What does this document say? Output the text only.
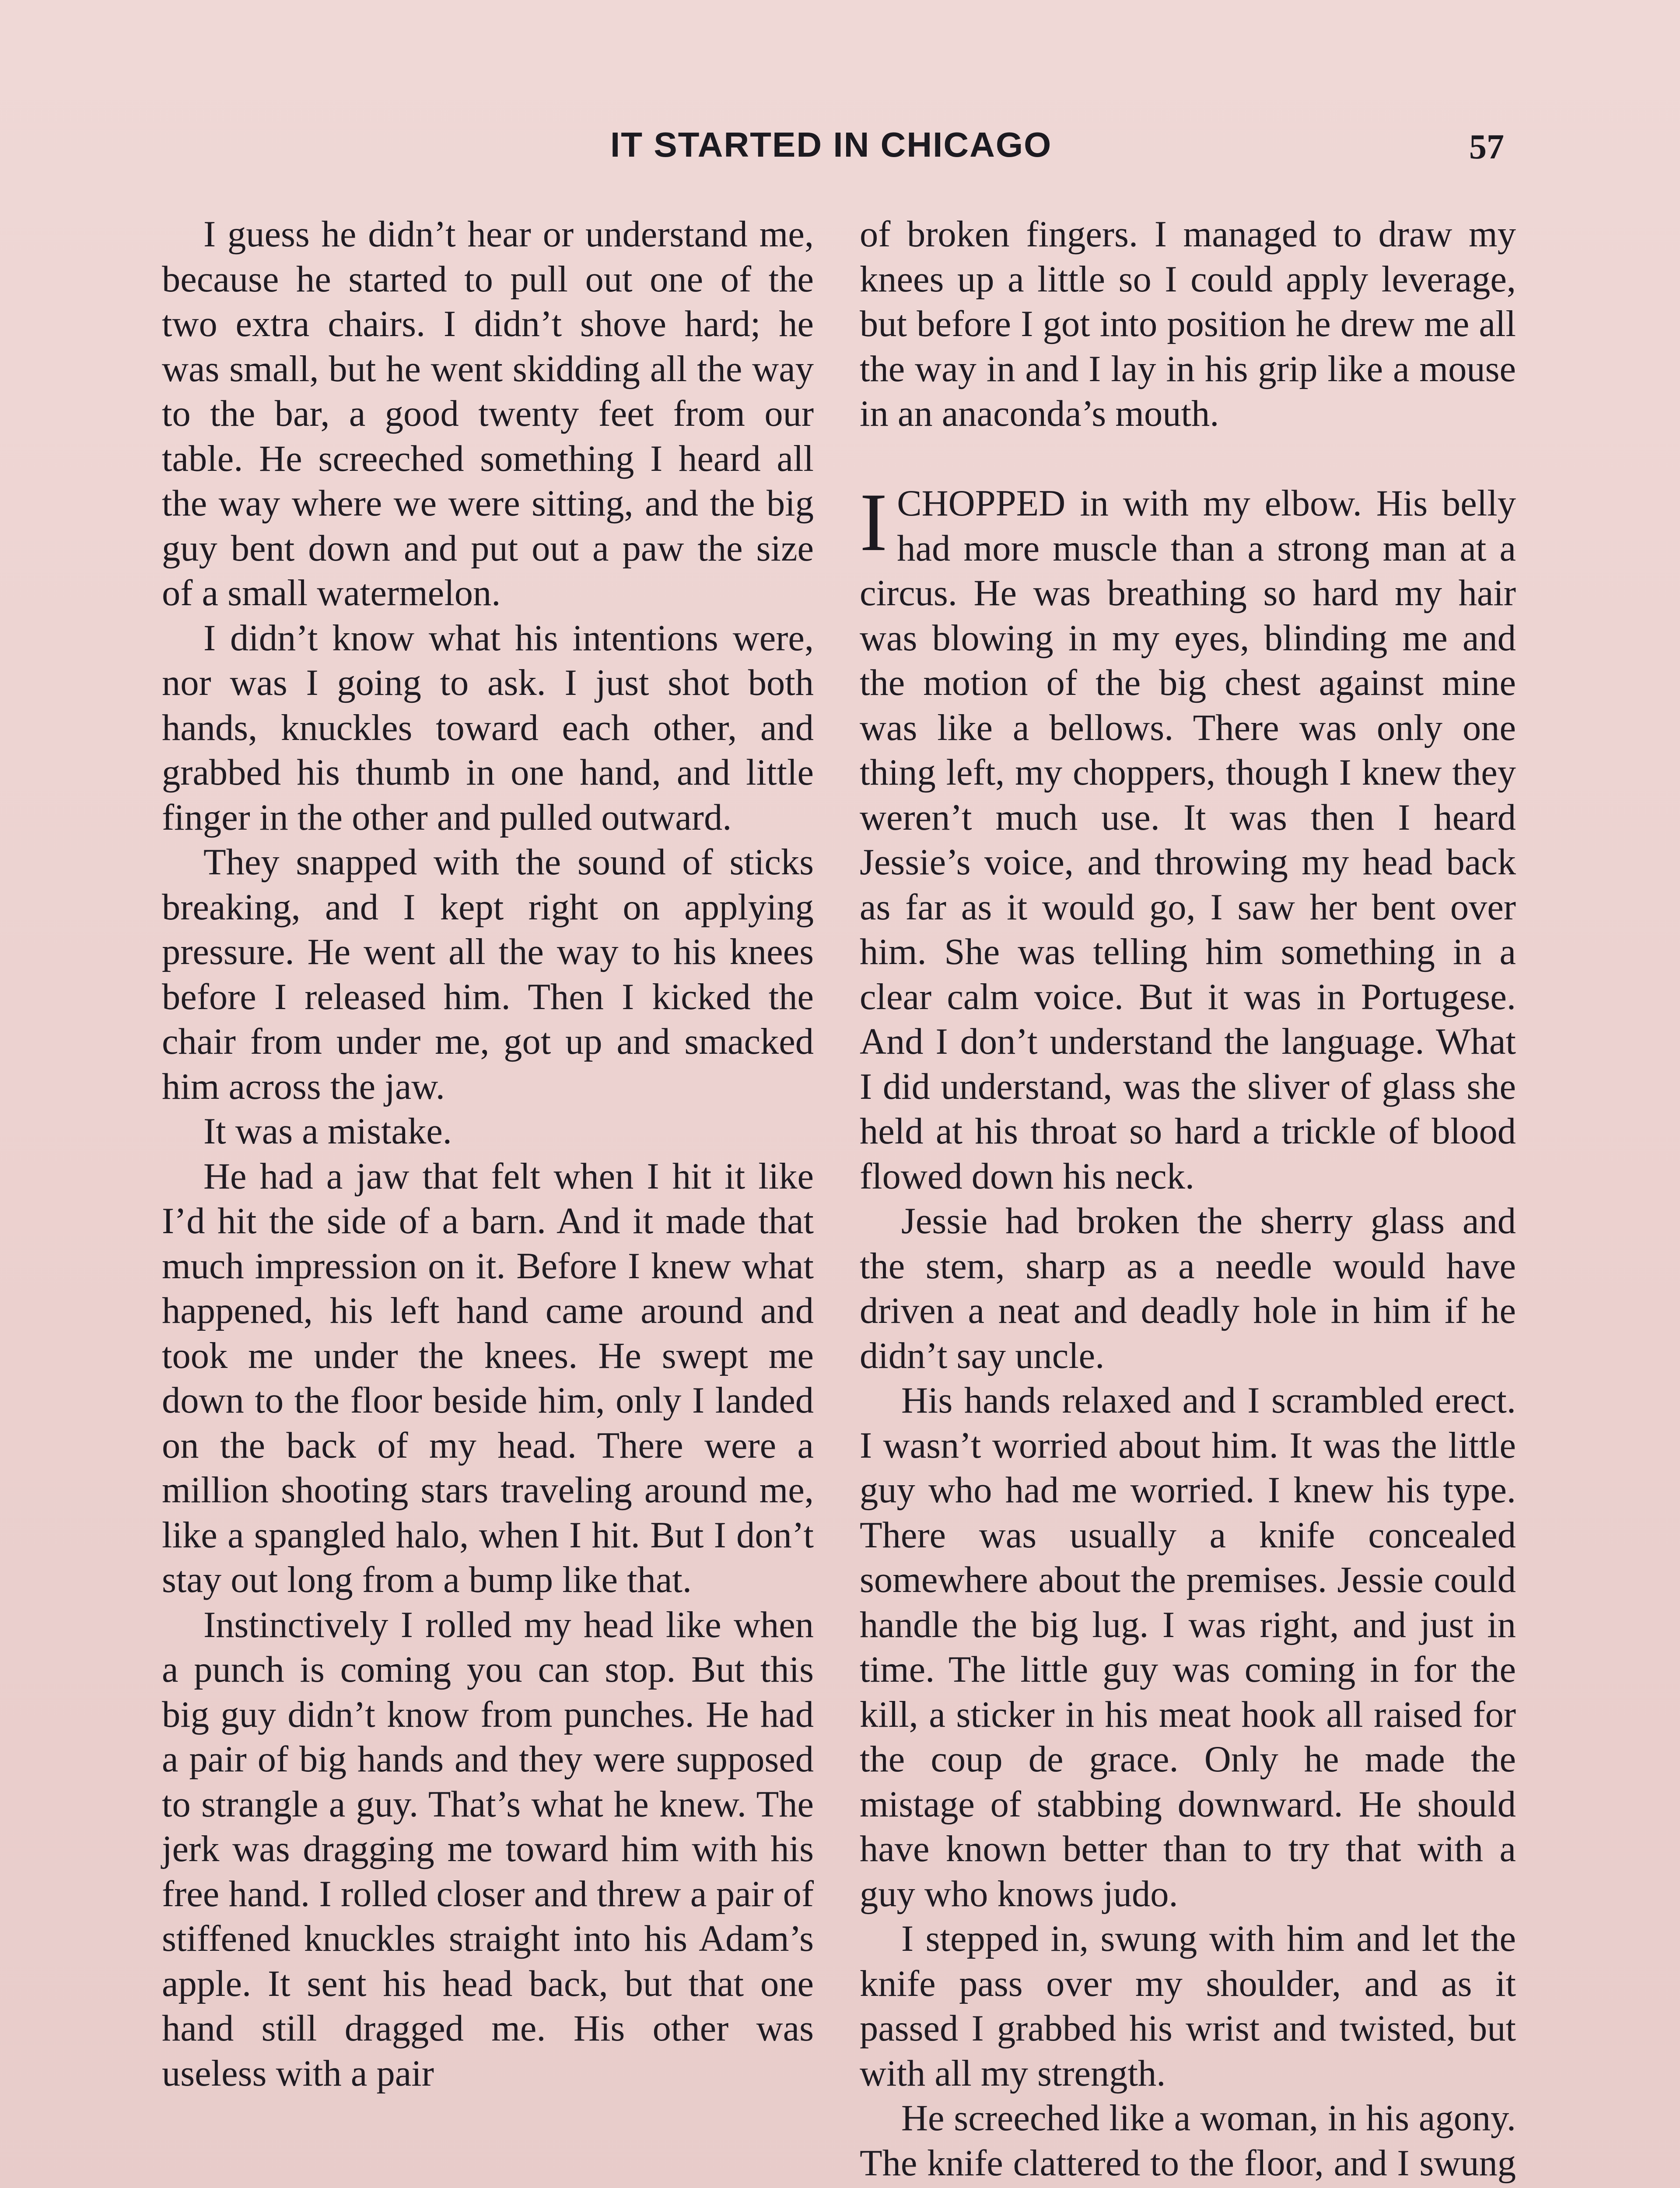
IT STARTED IN CHICAGO	57

I guess he didn’t hear or understand me, because he started to pull out one of the two extra chairs. I didn’t shove hard; he was small, but he went skidding all the way to the bar, a good twenty feet from our table. He screeched something I heard all the way where we were sitting, and the big guy bent down and put out a paw the size of a small watermelon.

I didn’t know what his intentions were, nor was I going to ask. I just shot both hands, knuckles toward each other, and grabbed his thumb in one hand, and little finger in the other and pulled outward.

They snapped with the sound of sticks breaking, and I kept right on applying pressure. He went all the way to his knees before I released him. Then I kicked the chair from under me, got up and smacked him across the jaw.

It was a mistake.

He had a jaw that felt when I hit it like I’d hit the side of a barn. And it made that much impression on it. Before I knew what happened, his left hand came around and took me under the knees. He swept me down to the floor beside him, only I landed on the back of my head. There were a million shooting stars traveling around me, like a spangled halo, when I hit. But I don’t stay out long from a bump like that.

Instinctively I rolled my head like when a punch is coming you can stop. But this big guy didn’t know from punches. He had a pair of big hands and they were supposed to strangle a guy. That’s what he knew. The jerk was dragging me toward him with his free hand. I rolled closer and threw a pair of stiffened knuckles straight into his Adam’s apple. It sent his head back, but that one hand still dragged me. His other was useless with a pair

of broken fingers. I managed to draw my knees up a little so I could apply leverage, but before I got into position he drew me all the way in and I lay in his grip like a mouse in an anaconda’s mouth.

I CHOPPED in with my elbow. His belly had more muscle than a strong man at a circus. He was breathing so hard my hair was blowing in my eyes, blinding me and the motion of the big chest against mine was like a bellows. There was only one thing left, my choppers, though I knew they weren’t much use. It was then I heard Jessie’s voice, and throwing my head back as far as it would go, I saw her bent over him. She was telling him something in a clear calm voice. But it was in Portugese. And I don’t understand the language. What I did understand, was the sliver of glass she held at his throat so hard a trickle of blood flowed down his neck.

Jessie had broken the sherry glass and the stem, sharp as a needle would have driven a neat and deadly hole in him if he didn’t say uncle.

His hands relaxed and I scrambled erect. I wasn’t worried about him. It was the little guy who had me worried. I knew his type. There was usually a knife concealed somewhere about the premises. Jessie could handle the big lug. I was right, and just in time. The little guy was coming in for the kill, a sticker in his meat hook all raised for the coup de grace. Only he made the mistage of stabbing downward. He should have known better than to try that with a guy who knows judo.

I stepped in, swung with him and let the knife pass over my shoulder, and as it passed I grabbed his wrist and twisted, but with all my strength.

He screeched like a woman, in his agony. The knife clattered to the floor, and I swung
